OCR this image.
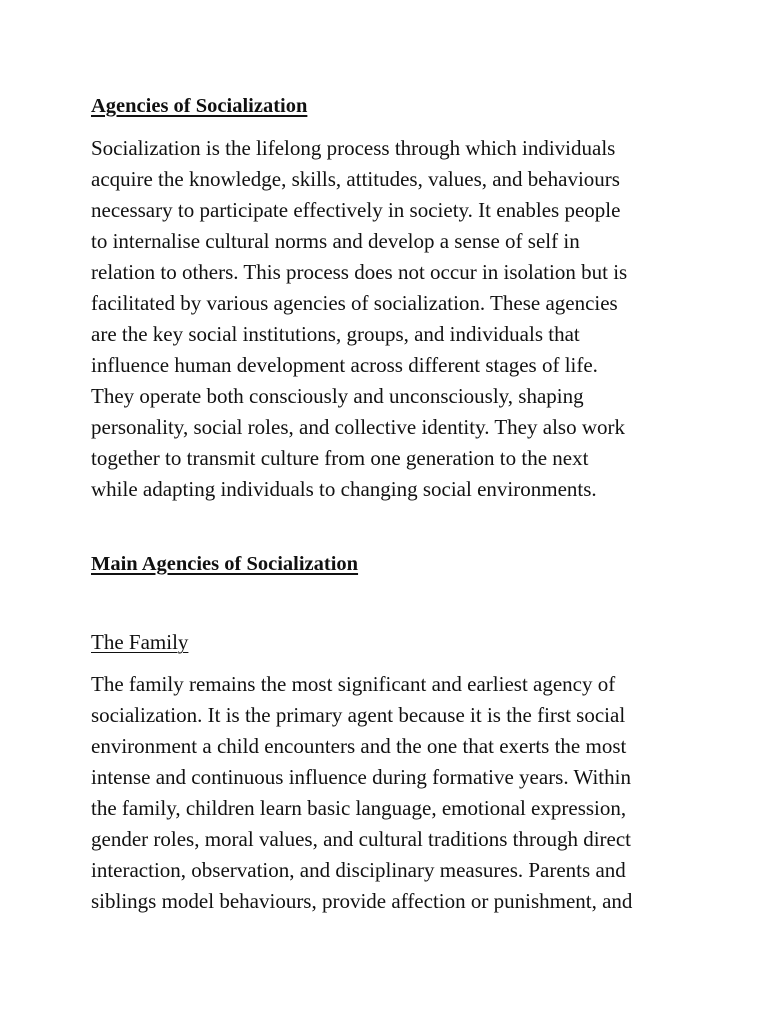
Agencies of Socialization

Socialization is the lifelong process through which individuals
acquire the knowledge, skills, attitudes, values, and behaviours
necessary to participate effectively in society. It enables people
to internalise cultural norms and develop a sense of self in
relation to others. This process does not occur in isolation but is
facilitated by various agencies of socialization. These agencies
are the key social institutions, groups, and individuals that
influence human development across different stages of life.
They operate both consciously and unconsciously, shaping
personality, social roles, and collective identity. They also work
together to transmit culture from one generation to the next
while adapting individuals to changing social environments.

Main Agencies of Socialization
The Family

The family remains the most significant and earliest agency of
socialization. It is the primary agent because it is the first social
environment a child encounters and the one that exerts the most
intense and continuous influence during formative years. Within
the family, children learn basic language, emotional expression,
gender roles, moral values, and cultural traditions through direct
interaction, observation, and disciplinary measures. Parents and
siblings model behaviours, provide affection or punishment, and
